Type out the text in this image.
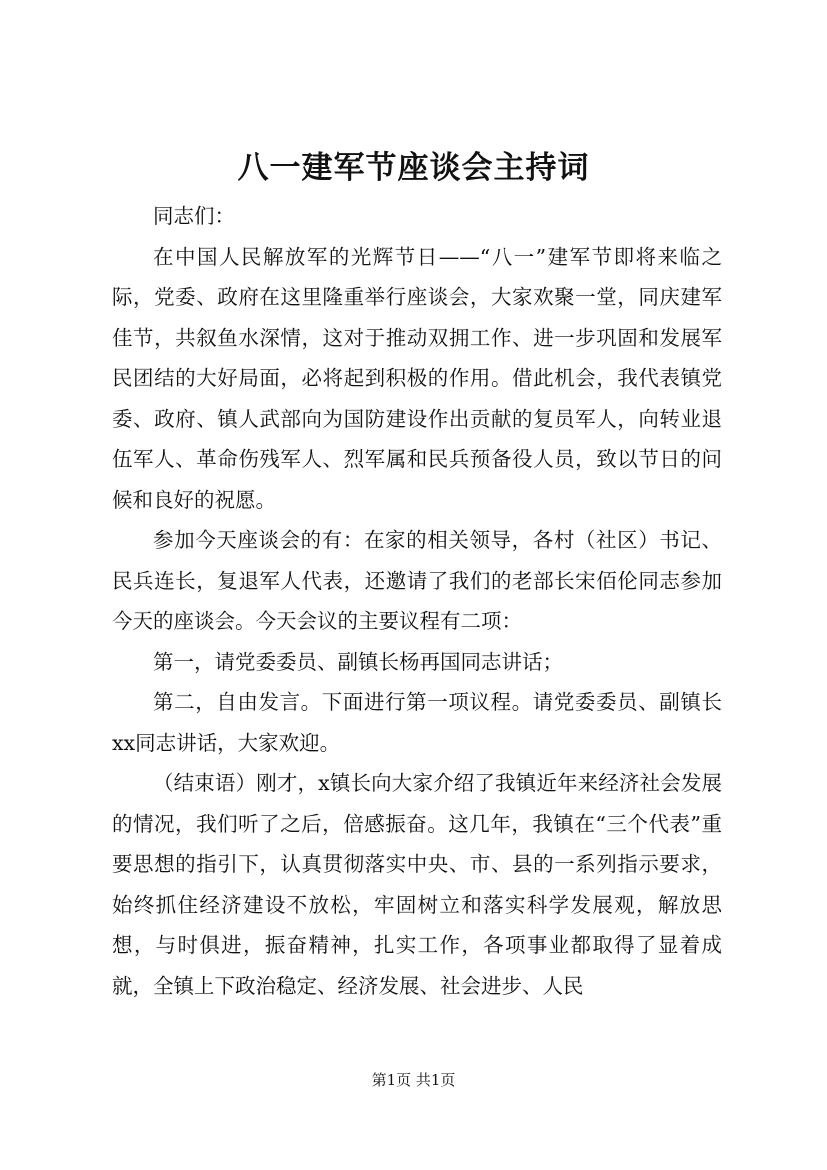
八一建军节座谈会主持词

同志们：

在中国人民解放军的光辉节日——“八一”建军节即将来临之际，党委、政府在这里隆重举行座谈会，大家欢聚一堂，同庆建军佳节，共叙鱼水深情，这对于推动双拥工作、进一步巩固和发展军民团结的大好局面，必将起到积极的作用。借此机会，我代表镇党委、政府、镇人武部向为国防建设作出贡献的复员军人，向转业退伍军人、革命伤残军人、烈军属和民兵预备役人员，致以节日的问候和良好的祝愿。

参加今天座谈会的有：在家的相关领导，各村（社区）书记、民兵连长，复退军人代表，还邀请了我们的老部长宋佰伦同志参加今天的座谈会。今天会议的主要议程有二项：

第一，请党委委员、副镇长杨再国同志讲话；

第二，自由发言。下面进行第一项议程。请党委委员、副镇长xx同志讲话，大家欢迎。

（结束语）刚才，x镇长向大家介绍了我镇近年来经济社会发展的情况，我们听了之后，倍感振奋。这几年，我镇在“三个代表”重要思想的指引下，认真贯彻落实中央、市、县的一系列指示要求，始终抓住经济建设不放松，牢固树立和落实科学发展观，解放思想，与时俱进，振奋精神，扎实工作，各项事业都取得了显着成就，全镇上下政治稳定、经济发展、社会进步、人民

第1页 共1页
